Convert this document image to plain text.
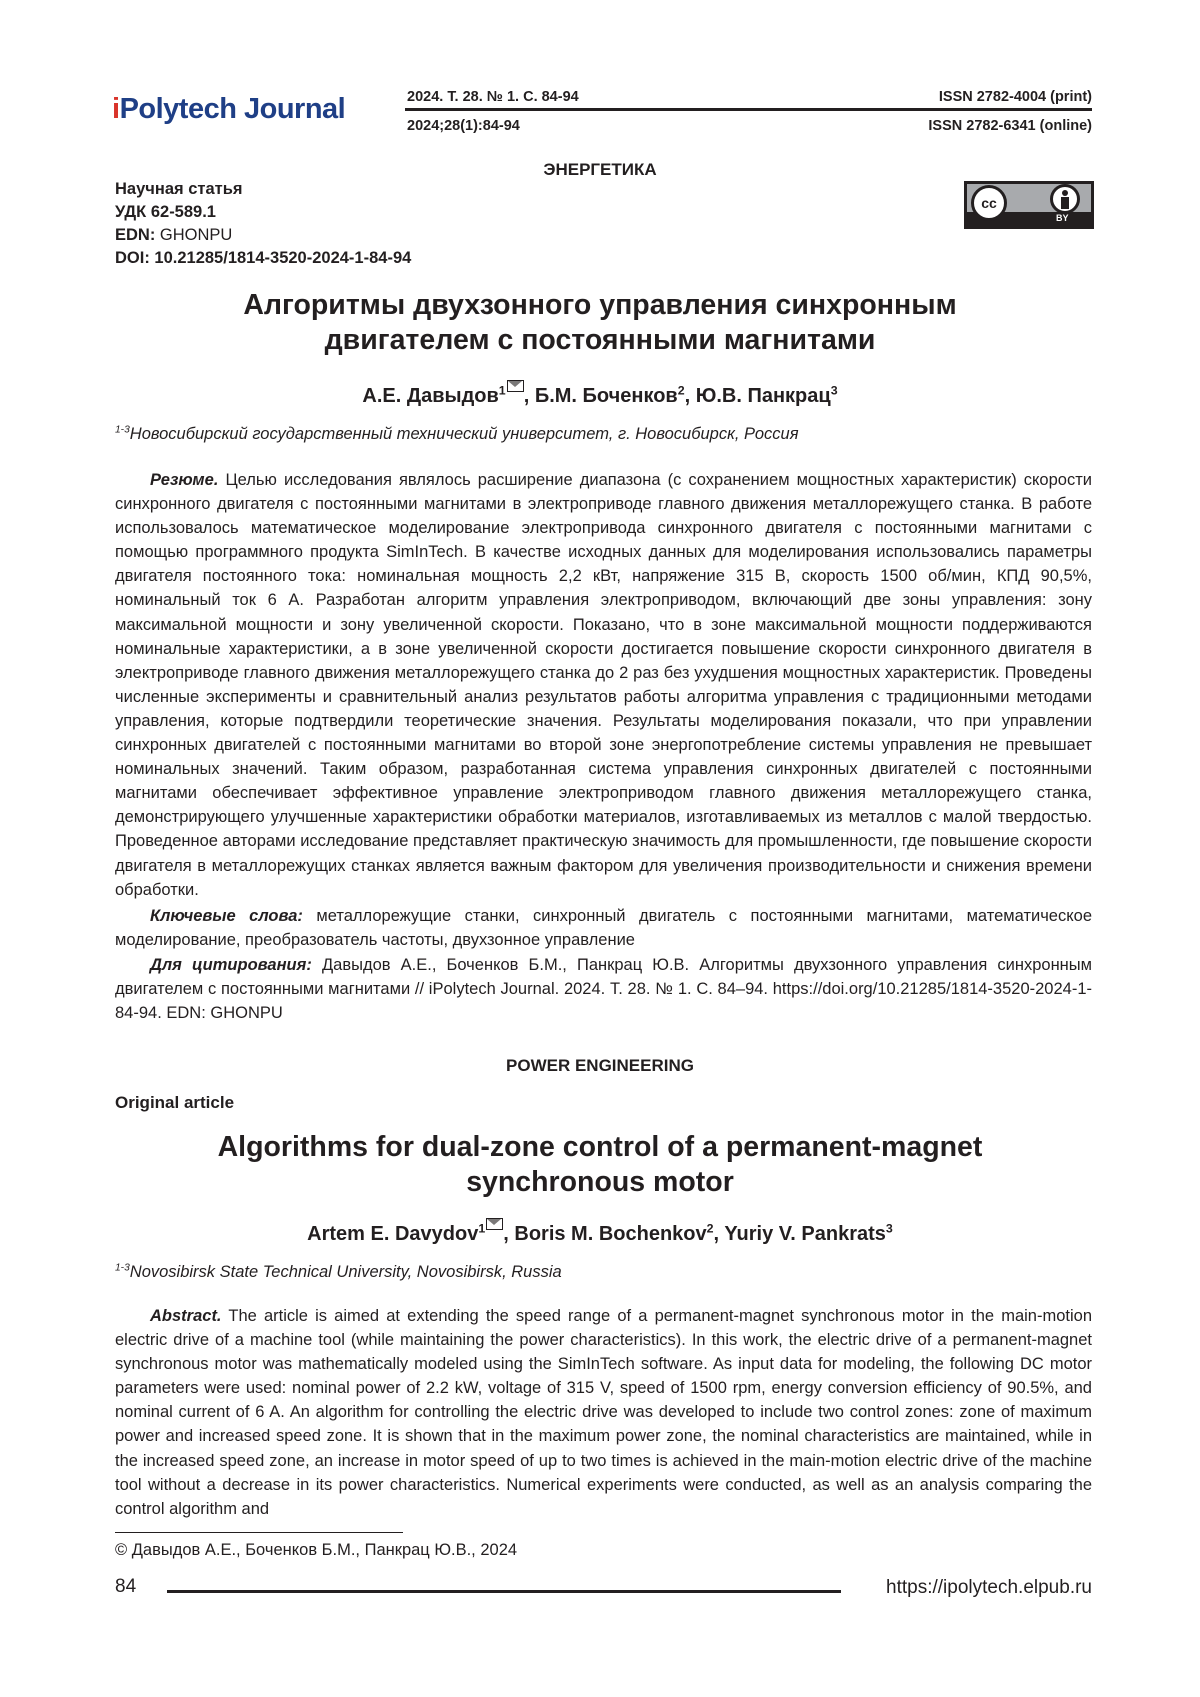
iPolytech Journal	2024. Т. 28. № 1. С. 84-94
2024;28(1):84-94
ISSN 2782-4004 (print)
ISSN 2782-6341 (online)
ЭНЕРГЕТИКА
Научная статья
УДК 62-589.1
EDN: GHONPU
DOI: 10.21285/1814-3520-2024-1-84-94
cc
BY
Алгоритмы двухзонного управления синхронным
двигателем с постоянными магнитами
А.Е. Давыдов$^1$ , Б.М. Боченков$^2$, Ю.В. Панкрац$^3$
$^{1-3}$Новосибирский государственный технический университет, г. Новосибирск, Россия
Резюме. Целью исследования являлось расширение диапазона (с сохранением мощностных характеристик) скорости синхронного двигателя с постоянными магнитами в электроприводе главного движения металлорежущего станка. В работе использовалось математическое моделирование электропривода синхронного двигателя с постоянными магнитами с помощью программного продукта SimInTech. В качестве исходных данных для моделирования использовались параметры двигателя постоянного тока: номинальная мощность 2,2 кВт, напряжение 315 В, скорость 1500 об/мин, КПД 90,5%, номинальный ток 6 А. Разработан алгоритм управления электроприводом, включающий две зоны управления: зону максимальной мощности и зону увеличенной скорости. Показано, что в зоне максимальной мощности поддерживаются номинальные характеристики, а в зоне увеличенной скорости достигается повышение скорости синхронного двигателя в электроприводе главного движения металлорежущего станка до 2 раз без ухудшения мощностных характеристик. Проведены численные эксперименты и сравнительный анализ результатов работы алгоритма управления с традиционными методами управления, которые подтвердили теоретические значения. Результаты моделирования показали, что при управлении синхронных двигателей с постоянными магнитами во второй зоне энергопотребление системы управления не превышает номинальных значений. Таким образом, разработанная система управления синхронных двигателей с постоянными магнитами обеспечивает эффективное управление электроприводом главного движения металлорежущего станка, демонстрирующего улучшенные характеристики обработки материалов, изготавливаемых из металлов с малой твердостью. Проведенное авторами исследование представляет практическую значимость для промышленности, где повышение скорости двигателя в металлорежущих станках является важным фактором для увеличения производительности и снижения времени обработки.
Ключевые слова: металлорежущие станки, синхронный двигатель с постоянными магнитами, математическое моделирование, преобразователь частоты, двухзонное управление
Для цитирования: Давыдов А.Е., Боченков Б.М., Панкрац Ю.В. Алгоритмы двухзонного управления синхронным двигателем с постоянными магнитами // iPolytech Journal. 2024. Т. 28. № 1. С. 84–94. https://doi.org/10.21285/1814-3520-2024-1-84-94. EDN: GHONPU
POWER ENGINEERING
Original article
Algorithms for dual-zone control of a permanent-magnet
synchronous motor
Artem E. Davydov$^1$ , Boris M. Bochenkov$^2$, Yuriy V. Pankrats$^3$
$^{1-3}$Novosibirsk State Technical University, Novosibirsk, Russia
Abstract. The article is aimed at extending the speed range of a permanent-magnet synchronous motor in the main-motion electric drive of a machine tool (while maintaining the power characteristics). In this work, the electric drive of a permanent-magnet synchronous motor was mathematically modeled using the SimInTech software. As input data for modeling, the following DC motor parameters were used: nominal power of 2.2 kW, voltage of 315 V, speed of 1500 rpm, energy conversion efficiency of 90.5%, and nominal current of 6 A. An algorithm for controlling the electric drive was developed to include two control zones: zone of maximum power and increased speed zone. It is shown that in the maximum power zone, the nominal characteristics are maintained, while in the increased speed zone, an increase in motor speed of up to two times is achieved in the main-motion electric drive of the machine tool without a decrease in its power characteristics. Numerical experiments were conducted, as well as an analysis comparing the control algorithm and
© Давыдов А.Е., Боченков Б.М., Панкрац Ю.В., 2024
84	https://ipolytech.elpub.ru
